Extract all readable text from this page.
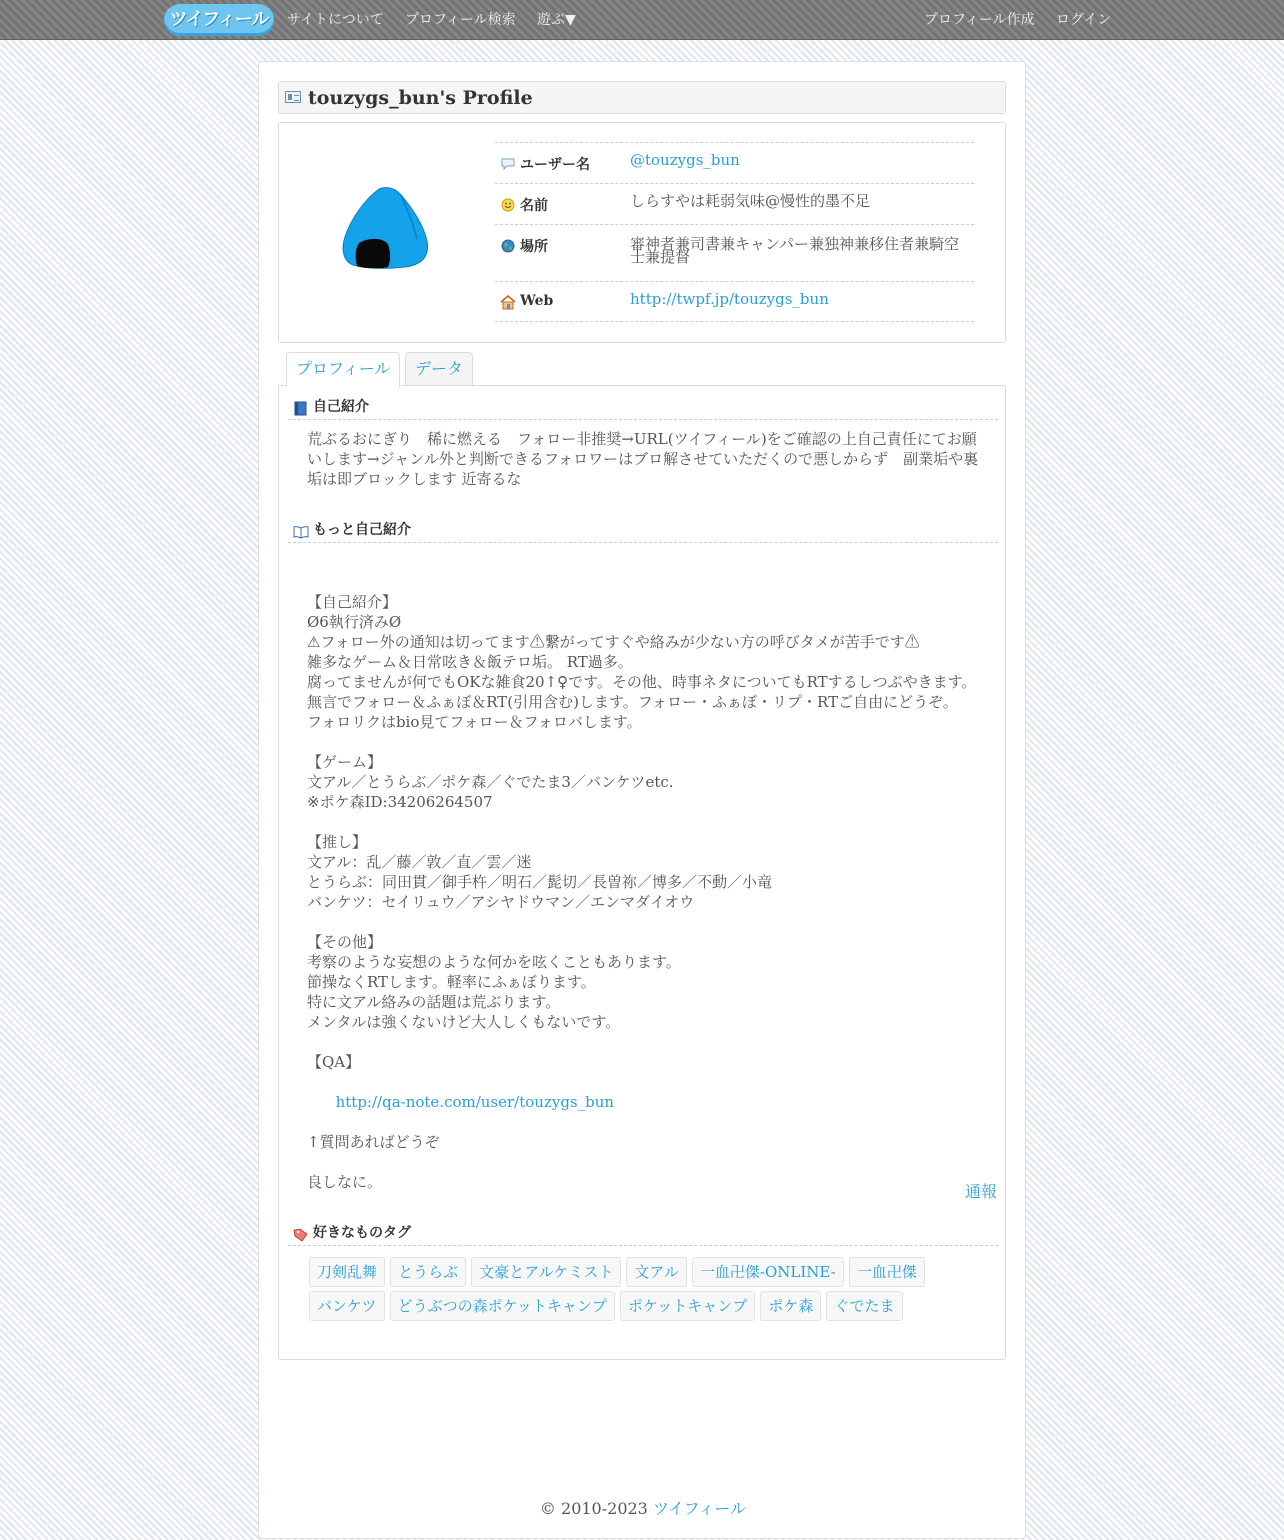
ツイフィール	サイトについて プロフィール検索 遊ぶ▼	プロフィール作成 ログイン
touzygs_bun's Profile
ユーザー名	@touzygs_bun
名前	しらすやは耗弱気味@慢性的墨不足
場所	審神者兼司書兼キャンパー兼独神兼移住者兼騎空士兼提督
Web	http://twpf.jp/touzygs_bun
プロフィール	データ
自己紹介
荒ぶるおにぎり　稀に燃える　フォロー非推奨→URL(ツイフィール)をご確認の上自己責任にてお願いします→ジャンル外と判断できるフォロワーはブロ解させていただくので悪しからず　副業垢や裏垢は即ブロックします 近寄るな
もっと自己紹介

【自己紹介】
Ø6執行済みØ
⚠フォロー外の通知は切ってます⚠繋がってすぐや絡みが少ない方の呼びタメが苦手です⚠
雑多なゲーム＆日常呟き＆飯テロ垢。 RT過多。
腐ってませんが何でもOKな雑食20↑♀です。その他、時事ネタについてもRTするしつぶやきます。
無言でフォロー＆ふぁぼ＆RT(引用含む)します。フォロー・ふぁぼ・リプ・RTご自由にどうぞ。
フォロリクはbio見てフォロー＆フォロバします。

【ゲーム】
文アル／とうらぶ／ポケ森／ぐでたま3／バンケツetc.
※ポケ森ID:34206264507

【推し】
文アル：乱／藤／敦／直／雲／迷
とうらぶ：同田貫／御手杵／明石／髭切／長曽祢／博多／不動／小竜
バンケツ：セイリュウ／アシヤドウマン／エンマダイオウ

【その他】
考察のような妄想のような何かを呟くこともあります。
節操なくRTします。軽率にふぁぼります。
特に文アル絡みの話題は荒ぶります。
メンタルは強くないけど大人しくもないです。

【QA】

http://qa-note.com/user/touzygs_bun

↑質問あればどうぞ

良しなに。

	通報
好きなものタグ
刀剣乱舞 とうらぶ 文豪とアルケミスト 文アル 一血卍傑-ONLINE- 一血卍傑 バンケツ どうぶつの森ポケットキャンプ ポケットキャンプ ポケ森 ぐでたま
© 2010-2023 ツイフィール
